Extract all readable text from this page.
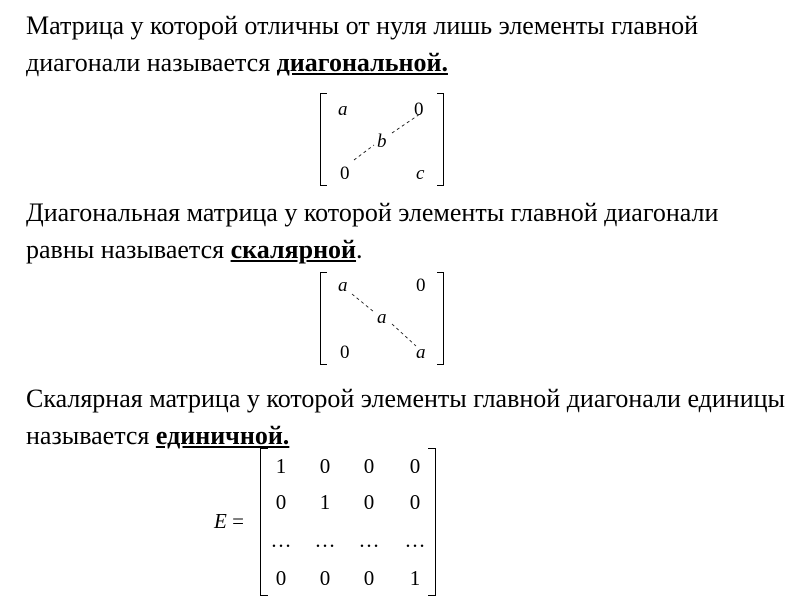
Матрица у которой отличны от нуля лишь элементы главной диагонали называется диагональной.

a	0
b
0	c

Диагональная матрица у которой элементы главной диагонали равны называется скалярной.

a	0
a
0	a

Скалярная матрица у которой элементы главной диагонали единицы называется единичной.

E =
1	0	0	0
0	1	0	0
… … … …
0	0	0	1
